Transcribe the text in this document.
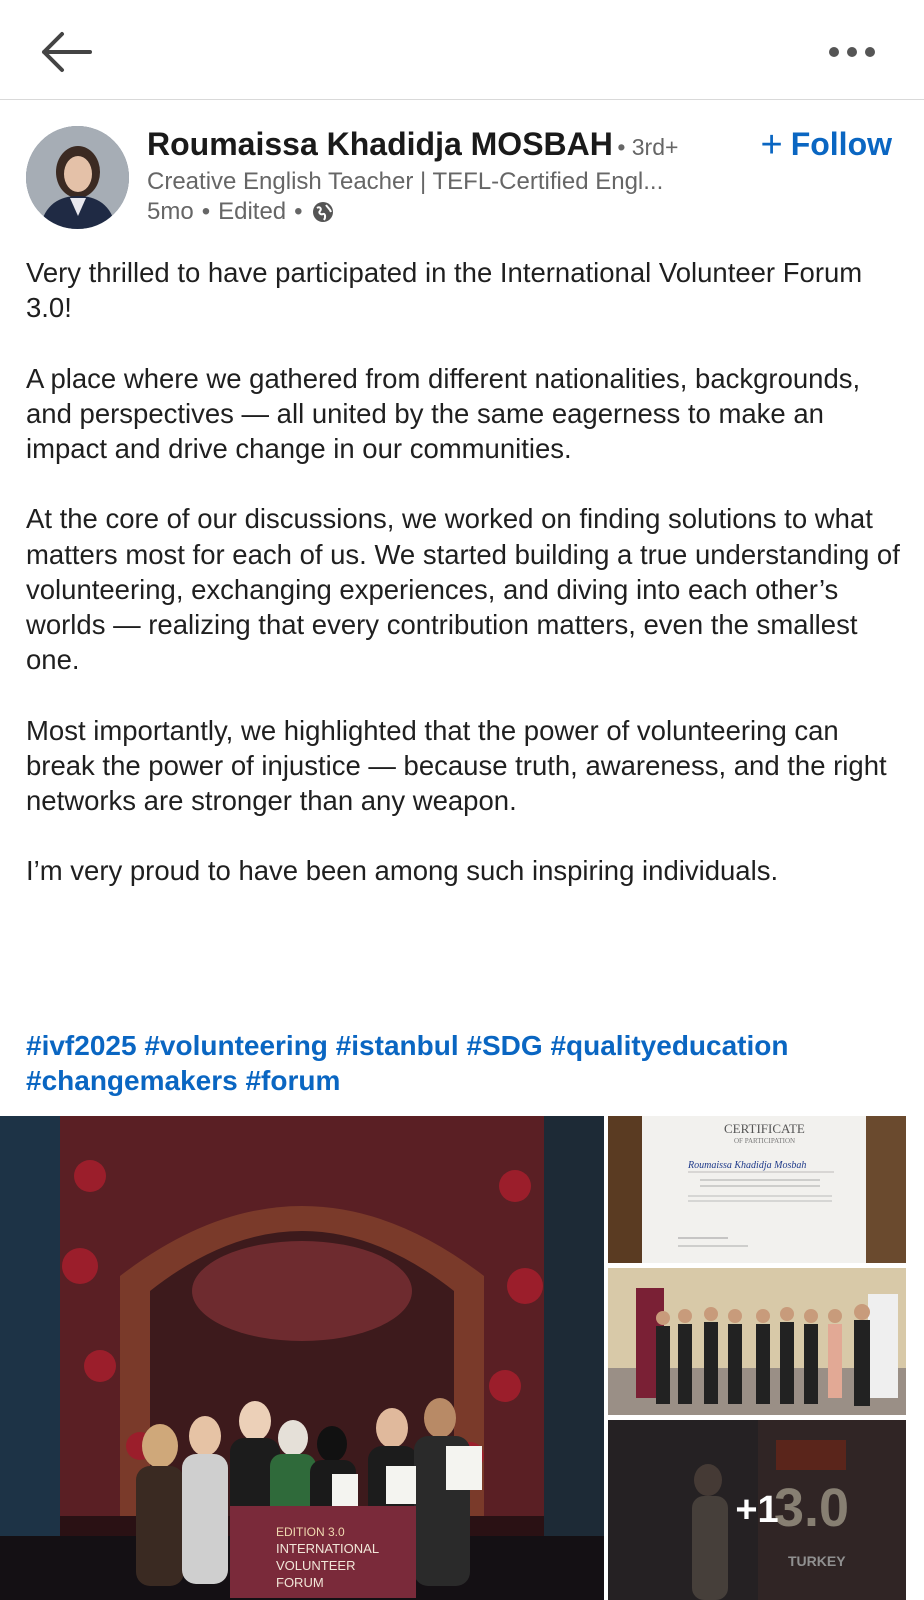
Roumaissa Khadidja MOSBAH • 3rd+ + Follow
Creative English Teacher | TEFL-Certified Engl...
5mo • Edited •

Very thrilled to have participated in the International Volunteer Forum 3.0!

A place where we gathered from different nationalities, backgrounds, and perspectives — all united by the same eagerness to make an impact and drive change in our communities.

At the core of our discussions, we worked on finding solutions to what matters most for each of us. We started building a true understanding of volunteering, exchanging experiences, and diving into each other’s worlds — realizing that every contribution matters, even the smallest one.

Most importantly, we highlighted that the power of volunteering can break the power of injustice — because truth, awareness, and the right networks are stronger than any weapon.

I’m very proud to have been among such inspiring individuals.

#ivf2025 #volunteering #istanbul #SDG #qualityeducation
#changemakers #forum
EDITION 3.0
INTERNATIONAL
VOLUNTEER
FORUM
CERTIFICATE
OF PARTICIPATION
Roumaissa Khadidja Mosbah
+1
